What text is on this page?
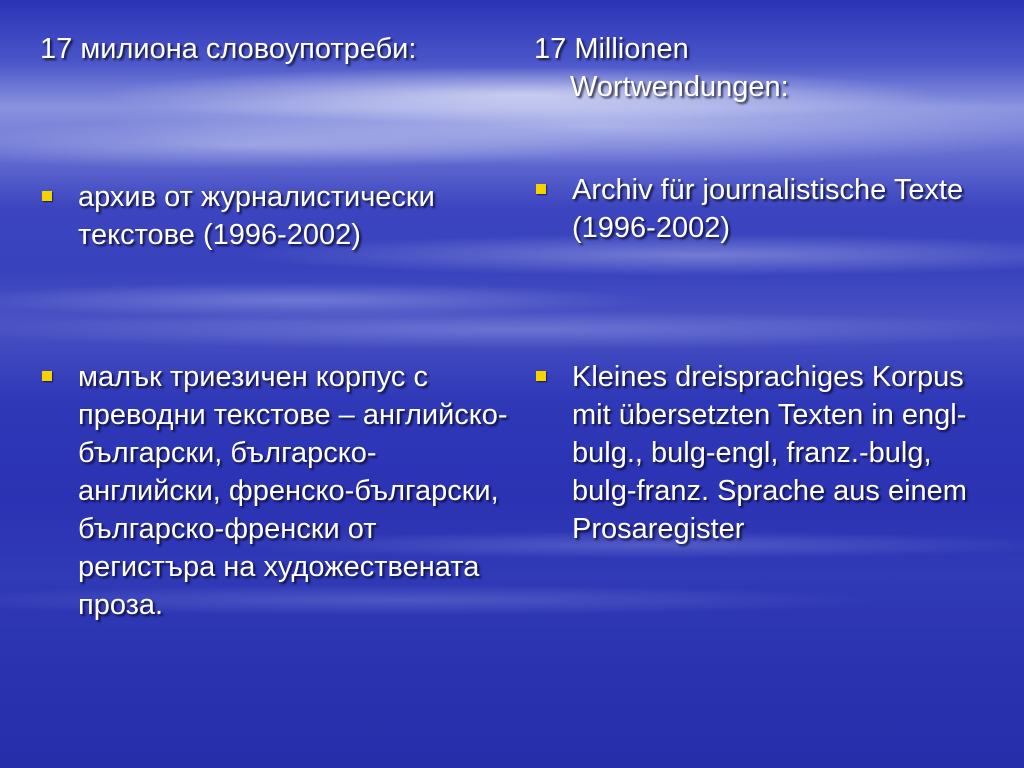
17 милиона словоупотреби:
архив от журналистически текстове (1996-2002)
малък триезичен корпус с преводни текстове – английско-български, българско-английски, френско-български, българско-френски от регистъра на художествената проза.
17 Millionen
Wortwendungen:
Archiv für journalistische Texte (1996-2002)
Kleines dreisprachiges Korpus mit übersetzten Texten in engl-bulg., bulg-engl, franz.-bulg, bulg-franz. Sprache aus einem Prosaregister
